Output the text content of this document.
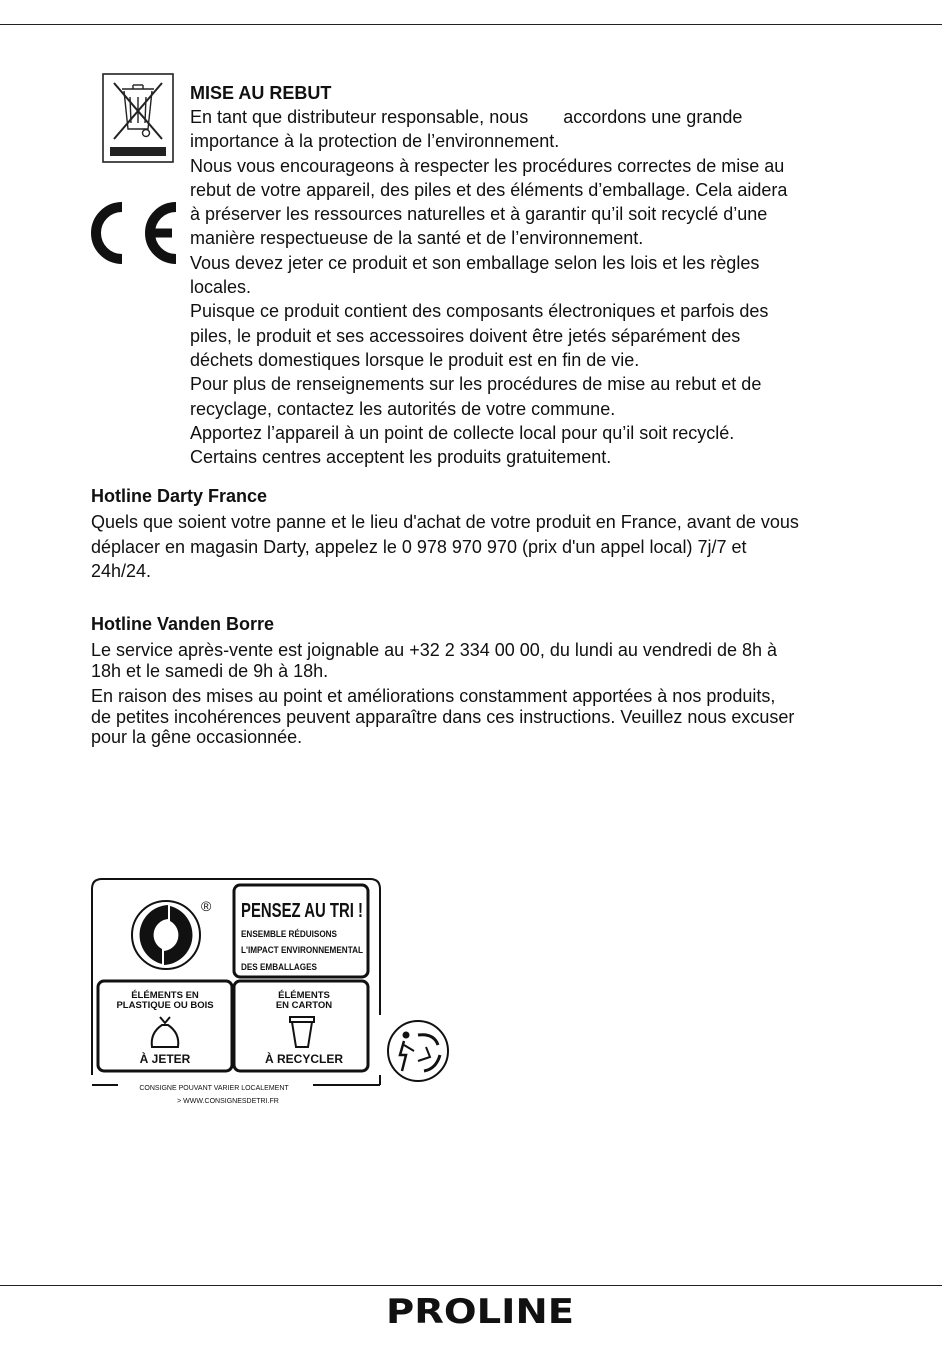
MISE AU REBUT

En tant que distributeur responsable, nous       accordons une grande

importance à la protection de l’environnement.

Nous vous encourageons à respecter les procédures correctes de mise au

rebut de votre appareil, des piles et des éléments d’emballage. Cela aidera

à préserver les ressources naturelles et à garantir qu’il soit recyclé d’une

manière respectueuse de la santé et de l’environnement.

Vous devez jeter ce produit et son emballage selon les lois et les règles

locales.

Puisque ce produit contient des composants électroniques et parfois des

piles, le produit et ses accessoires doivent être jetés séparément des

déchets domestiques lorsque le produit est en fin de vie.

Pour plus de renseignements sur les procédures de mise au rebut et de

recyclage, contactez les autorités de votre commune.

Apportez l’appareil à un point de collecte local pour qu’il soit recyclé.

Certains centres acceptent les produits gratuitement.

Hotline Darty France

Quels que soient votre panne et le lieu d'achat de votre produit en France, avant de vous
déplacer en magasin Darty, appelez le 0 978 970 970 (prix d'un appel local) 7j/7 et
24h/24.

Hotline Vanden Borre

Le service après-vente est joignable au +32 2 334 00 00, du lundi au vendredi de 8h à
18h et le samedi de 9h à 18h.
En raison des mises au point et améliorations constamment apportées à nos produits,
de petites incohérences peuvent apparaître dans ces instructions. Veuillez nous excuser
pour la gêne occasionnée.
® PENSEZ AU TRI !
ENSEMBLE RÉDUISONS
L'IMPACT ENVIRONNEMENTAL
DES EMBALLAGES
ÉLÉMENTS EN
PLASTIQUE OU BOIS
À JETER
ÉLÉMENTS
EN CARTON
À RECYCLER
CONSIGNE POUVANT VARIER LOCALEMENT
> WWW.CONSIGNESDETRI.FR
PROLINE
